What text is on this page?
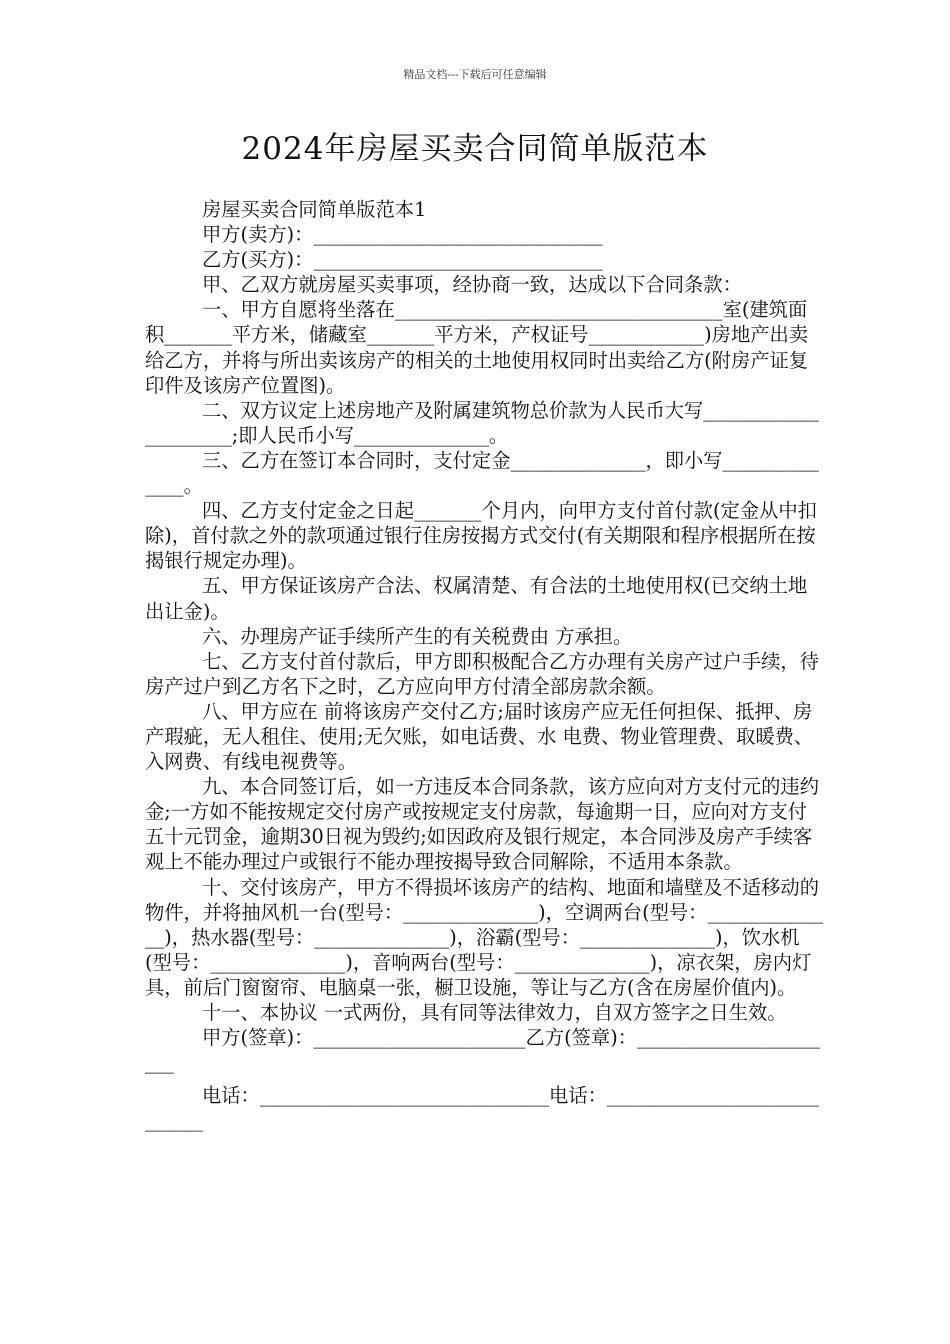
精品文档---下载后可任意编辑
2024年房屋买卖合同简单版范本

房屋买卖合同简单版范本1

甲方(卖方)：______________________________

乙方(买方)：______________________________

甲、乙双方就房屋买卖事项，经协商一致，达成以下合同条款：

一、甲方自愿将坐落在__________________________________室(建筑面积_______平方米，储藏室_______平方米，产权证号____________)房地产出卖给乙方，并将与所出卖该房产的相关的土地使用权同时出卖给乙方(附房产证复印件及该房产位置图)。

二、双方议定上述房地产及附属建筑物总价款为人民币大写_____________________;即人民币小写______________。

三、乙方在签订本合同时，支付定金______________，即小写______________。

四、乙方支付定金之日起_______个月内，向甲方支付首付款(定金从中扣除)，首付款之外的款项通过银行住房按揭方式交付(有关期限和程序根据所在按揭银行规定办理)。

五、甲方保证该房产合法、权属清楚、有合法的土地使用权(已交纳土地出让金)。

六、办理房产证手续所产生的有关税费由 方承担。

七、乙方支付首付款后，甲方即积极配合乙方办理有关房产过户手续，待房产过户到乙方名下之时，乙方应向甲方付清全部房款余额。

八、甲方应在 前将该房产交付乙方;届时该房产应无任何担保、抵押、房产瑕疵，无人租住、使用;无欠账，如电话费、水 电费、物业管理费、取暖费、入网费、有线电视费等。

九、本合同签订后，如一方违反本合同条款，该方应向对方支付元的违约金;一方如不能按规定交付房产或按规定支付房款，每逾期一日，应向对方支付五十元罚金，逾期30日视为毁约;如因政府及银行规定，本合同涉及房产手续客观上不能办理过户或银行不能办理按揭导致合同解除，不适用本条款。

十、交付该房产，甲方不得损坏该房产的结构、地面和墙壁及不适移动的物件，并将抽风机一台(型号：______________)，空调两台(型号：______________)，热水器(型号：______________)，浴霸(型号：______________)，饮水机(型号：______________)，音响两台(型号：______________)，凉衣架，房内灯具，前后门窗窗帘、电脑桌一张，橱卫设施，等让与乙方(含在房屋价值内)。

十一、本协议 一式两份，具有同等法律效力，自双方签字之日生效。

甲方(签章)：______________________乙方(签章)：______________________

电话：______________________________电话：____________________________
